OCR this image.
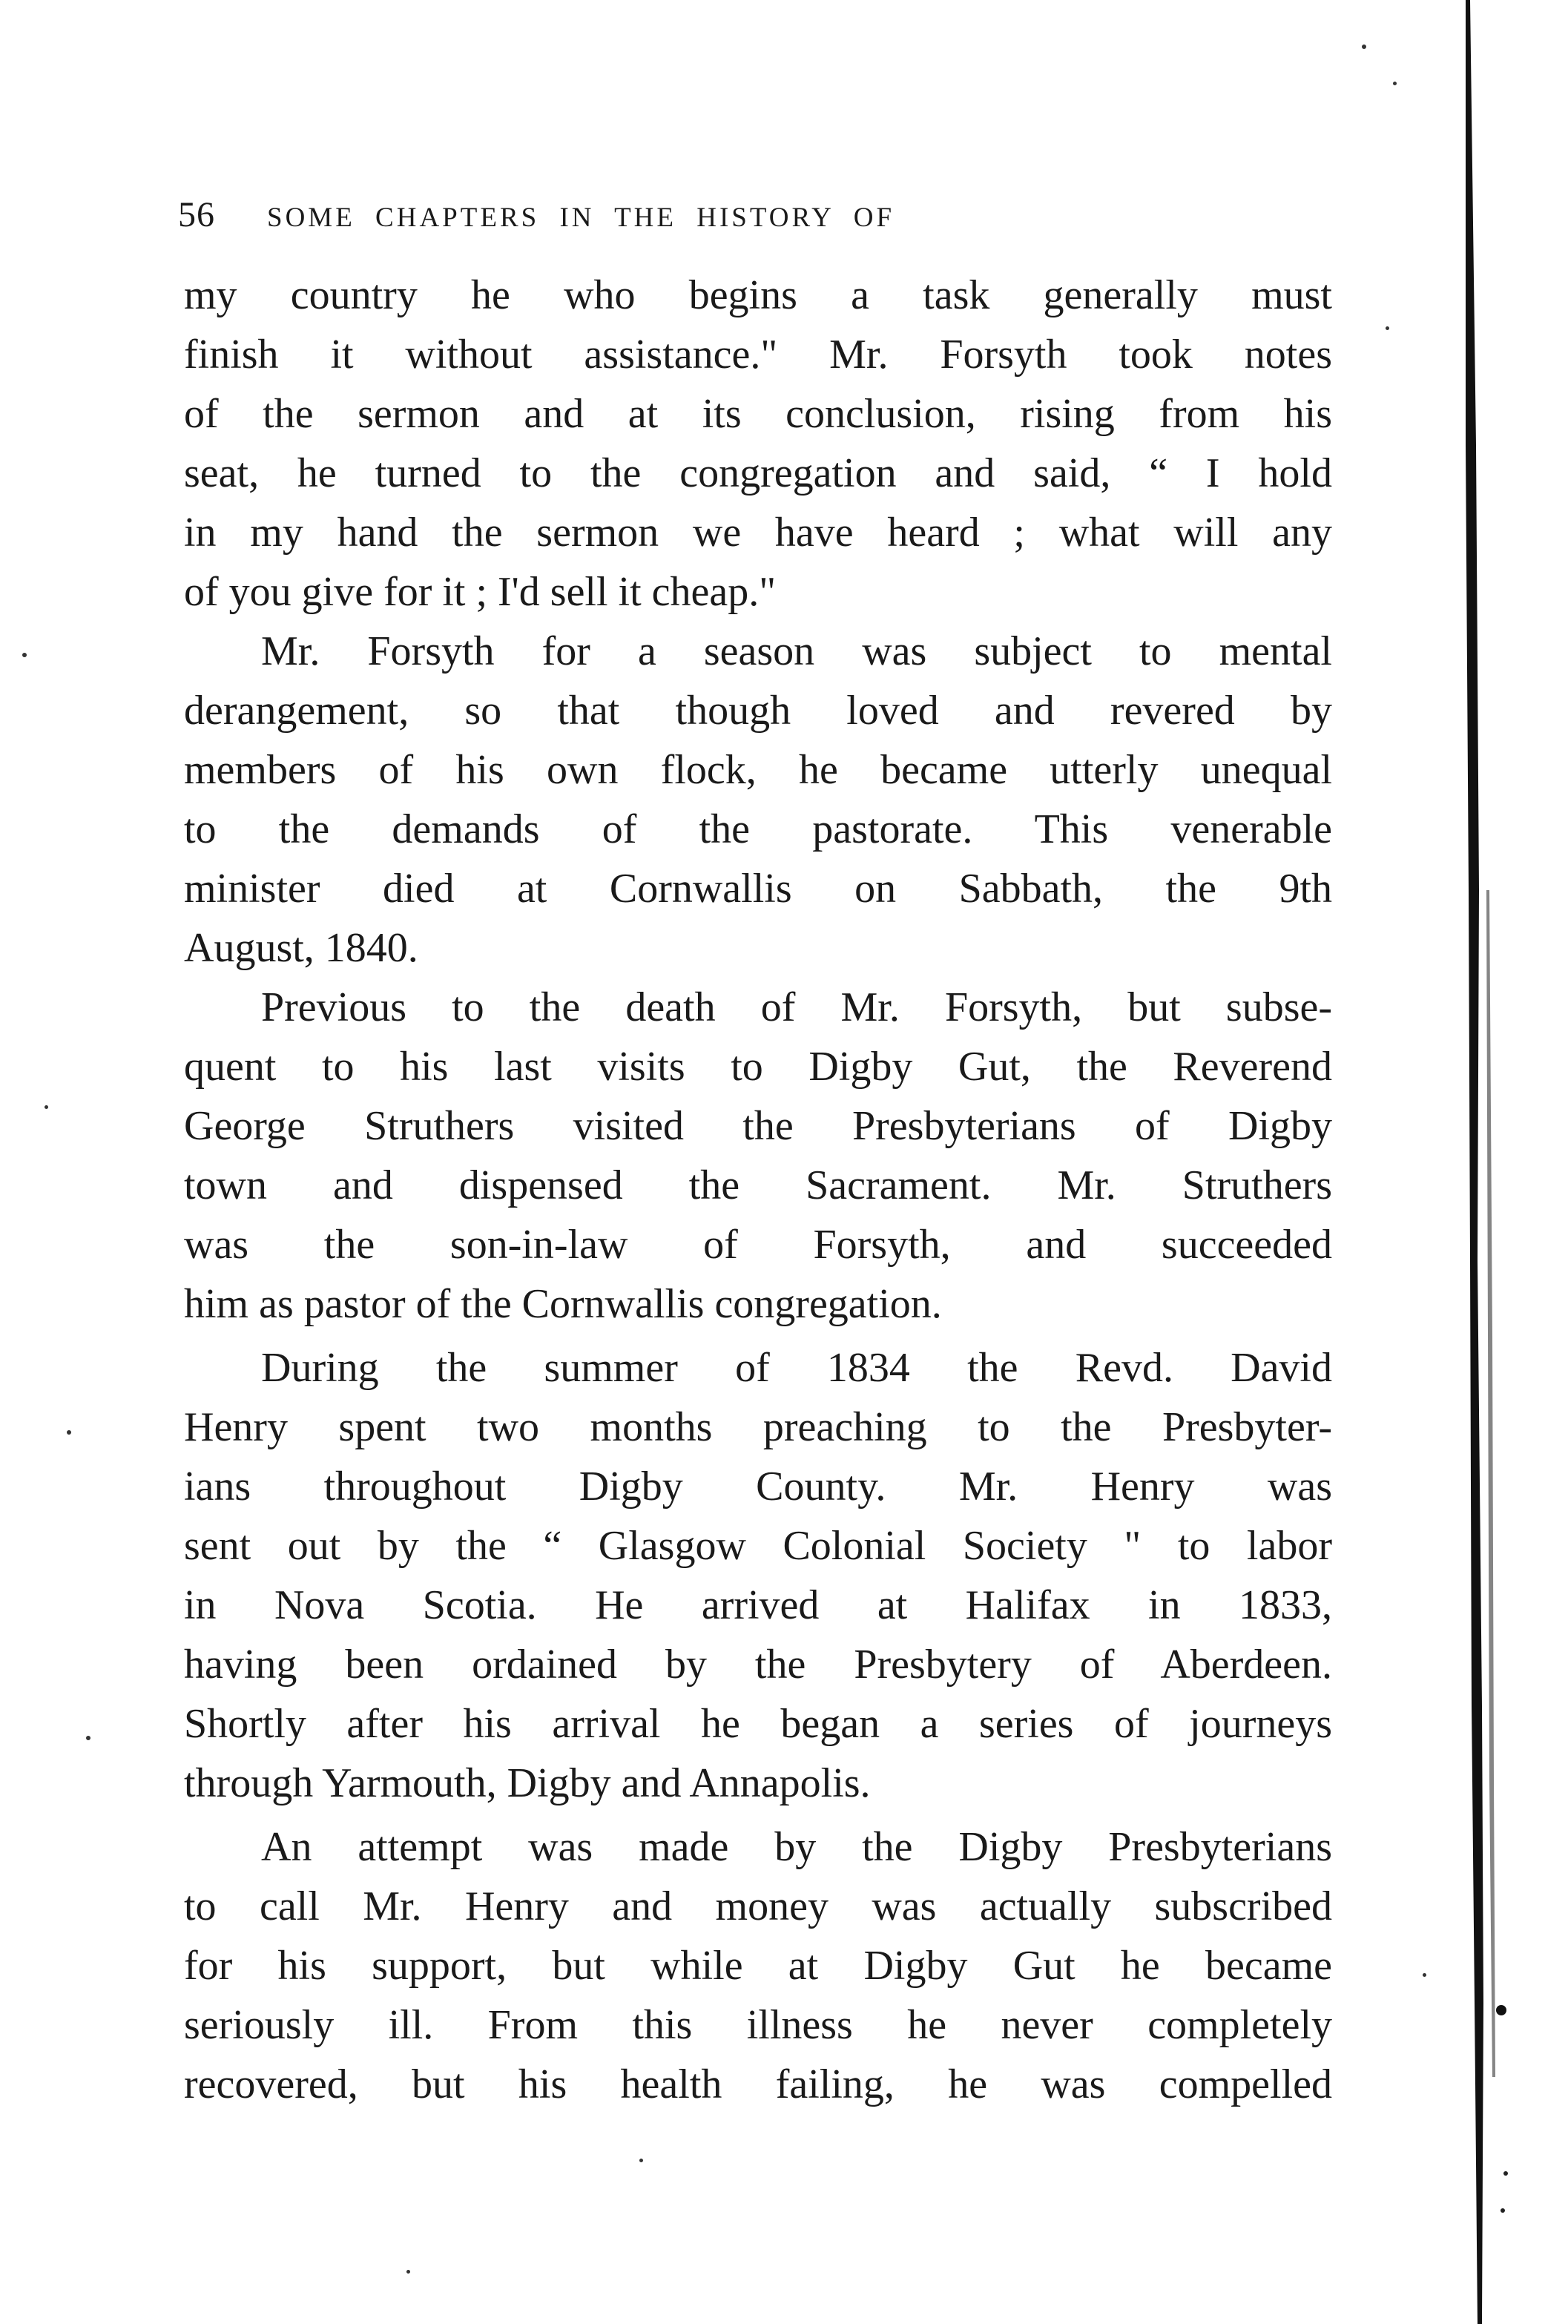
56 SOME CHAPTERS IN THE HISTORY OF
my country he who begins a task generally must
finish it without assistance." Mr. Forsyth took notes
of the sermon and at its conclusion, rising from his
seat, he turned to the congregation and said, “ I hold
in my hand the sermon we have heard ; what will any
of you give for it ; I'd sell it cheap."
Mr. Forsyth for a season was subject to mental
derangement, so that though loved and revered by
members of his own flock, he became utterly unequal
to the demands of the pastorate. This venerable
minister died at Cornwallis on Sabbath, the 9th
August, 1840.
Previous to the death of Mr. Forsyth, but subse-
quent to his last visits to Digby Gut, the Reverend
George Struthers visited the Presbyterians of Digby
town and dispensed the Sacrament. Mr. Struthers
was the son-in-law of Forsyth, and succeeded
him as pastor of the Cornwallis congregation.
During the summer of 1834 the Revd. David
Henry spent two months preaching to the Presbyter-
ians throughout Digby County. Mr. Henry was
sent out by the “ Glasgow Colonial Society " to labor
in Nova Scotia. He arrived at Halifax in 1833,
having been ordained by the Presbytery of Aberdeen.
Shortly after his arrival he began a series of journeys
through Yarmouth, Digby and Annapolis.
An attempt was made by the Digby Presbyterians
to call Mr. Henry and money was actually subscribed
for his support, but while at Digby Gut he became
seriously ill. From this illness he never completely
recovered, but his health failing, he was compelled
